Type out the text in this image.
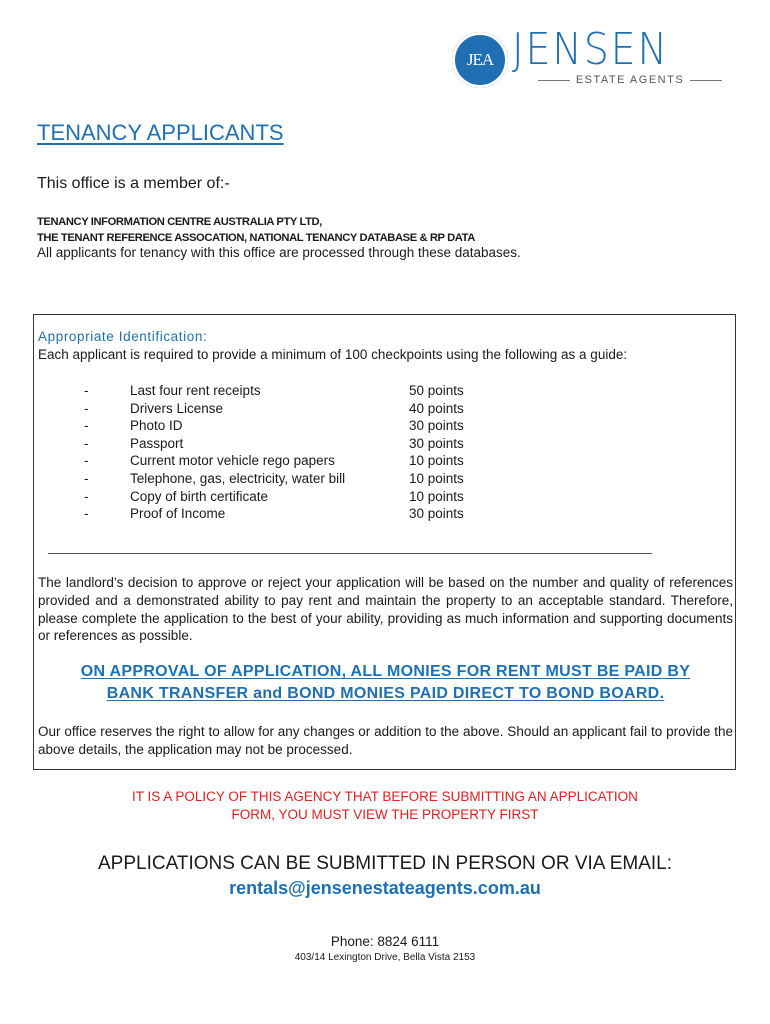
JEA JENSEN
ESTATE AGENTS
TENANCY APPLICANTS
This office is a member of:-
TENANCY INFORMATION CENTRE AUSTRALIA PTY LTD,
THE TENANT REFERENCE ASSOCATION, NATIONAL TENANCY DATABASE & RP DATA
All applicants for tenancy with this office are processed through these databases.
Appropriate Identification:
Each applicant is required to provide a minimum of 100 checkpoints using the following as a guide:
-	Last four rent receipts	50 points
-	Drivers License	40 points
-	Photo ID	30 points
-	Passport	30 points
-	Current motor vehicle rego papers	10 points
-	Telephone, gas, electricity, water bill	10 points
-	Copy of birth certificate	10 points
-	Proof of Income	30 points
The landlord’s decision to approve or reject your application will be based on the number and quality of references provided and a demonstrated ability to pay rent and maintain the property to an acceptable standard. Therefore, please complete the application to the best of your ability, providing as much information and supporting documents or references as possible.
ON APPROVAL OF APPLICATION, ALL MONIES FOR RENT MUST BE PAID BY
BANK TRANSFER and BOND MONIES PAID DIRECT TO BOND BOARD.
Our office reserves the right to allow for any changes or addition to the above. Should an applicant fail to provide the above details, the application may not be processed.
IT IS A POLICY OF THIS AGENCY THAT BEFORE SUBMITTING AN APPLICATION
FORM, YOU MUST VIEW THE PROPERTY FIRST
APPLICATIONS CAN BE SUBMITTED IN PERSON OR VIA EMAIL:
rentals@jensenestateagents.com.au
Phone: 8824 6111
403/14 Lexington Drive, Bella Vista 2153
